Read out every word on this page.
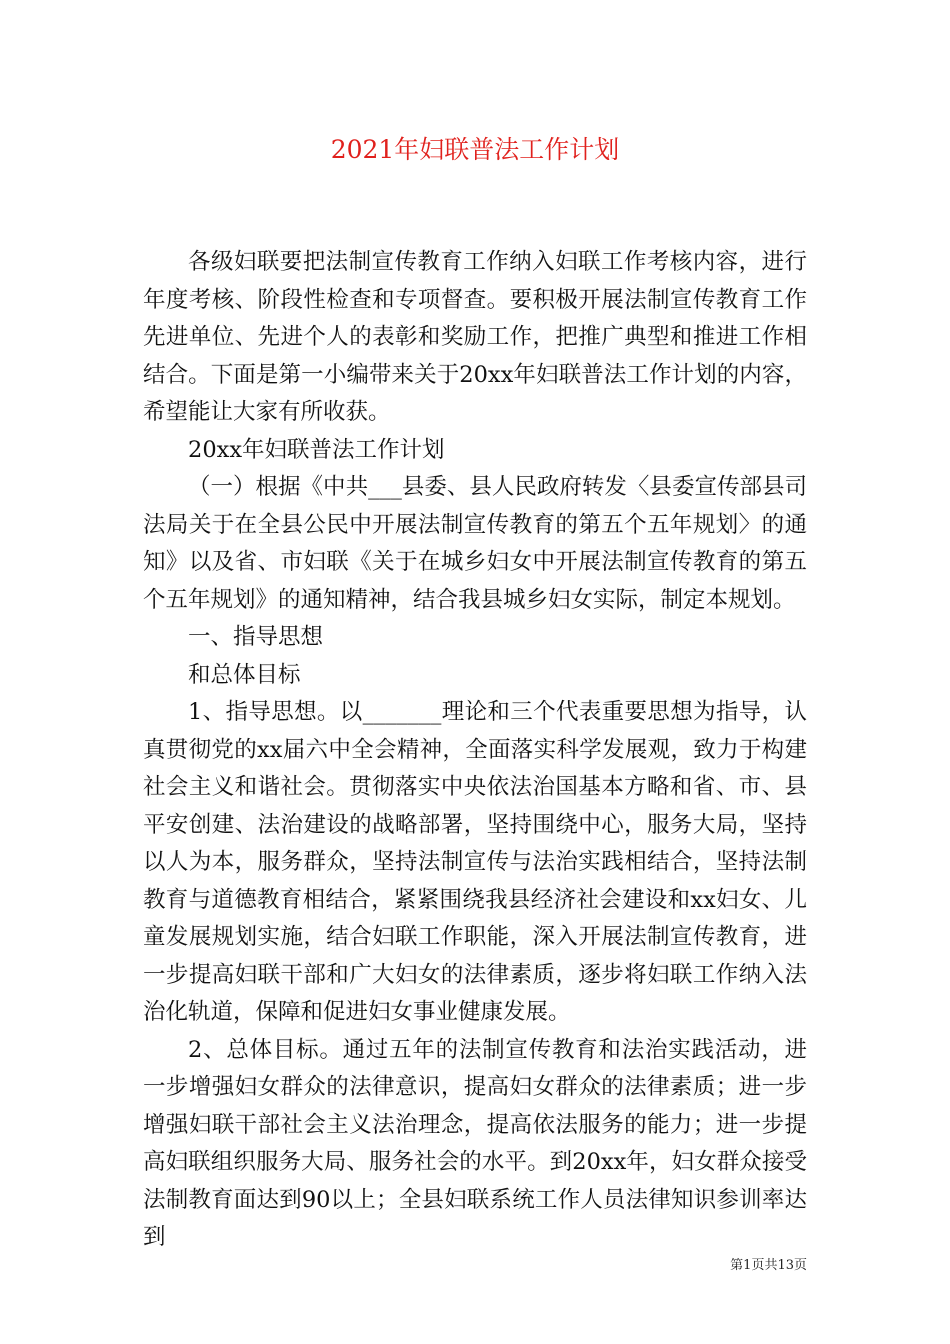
2021年妇联普法工作计划

各级妇联要把法制宣传教育工作纳入妇联工作考核内容，进行年度考核、阶段性检查和专项督查。要积极开展法制宣传教育工作先进单位、先进个人的表彰和奖励工作，把推广典型和推进工作相结合。下面是第一小编带来关于20xx年妇联普法工作计划的内容，希望能让大家有所收获。

20xx年妇联普法工作计划

（一）根据《中共___县委、县人民政府转发〈县委宣传部县司法局关于在全县公民中开展法制宣传教育的第五个五年规划〉的通知》以及省、市妇联《关于在城乡妇女中开展法制宣传教育的第五个五年规划》的通知精神，结合我县城乡妇女实际，制定本规划。

一、指导思想

和总体目标

1、指导思想。以_______理论和三个代表重要思想为指导，认真贯彻党的xx届六中全会精神，全面落实科学发展观，致力于构建社会主义和谐社会。贯彻落实中央依法治国基本方略和省、市、县平安创建、法治建设的战略部署，坚持围绕中心，服务大局，坚持以人为本，服务群众，坚持法制宣传与法治实践相结合，坚持法制教育与道德教育相结合，紧紧围绕我县经济社会建设和xx妇女、儿童发展规划实施，结合妇联工作职能，深入开展法制宣传教育，进一步提高妇联干部和广大妇女的法律素质，逐步将妇联工作纳入法治化轨道，保障和促进妇女事业健康发展。

2、总体目标。通过五年的法制宣传教育和法治实践活动，进一步增强妇女群众的法律意识，提高妇女群众的法律素质；进一步增强妇联干部社会主义法治理念，提高依法服务的能力；进一步提高妇联组织服务大局、服务社会的水平。到20xx年，妇女群众接受法制教育面达到90以上；全县妇联系统工作人员法律知识参训率达到

第1页共13页
